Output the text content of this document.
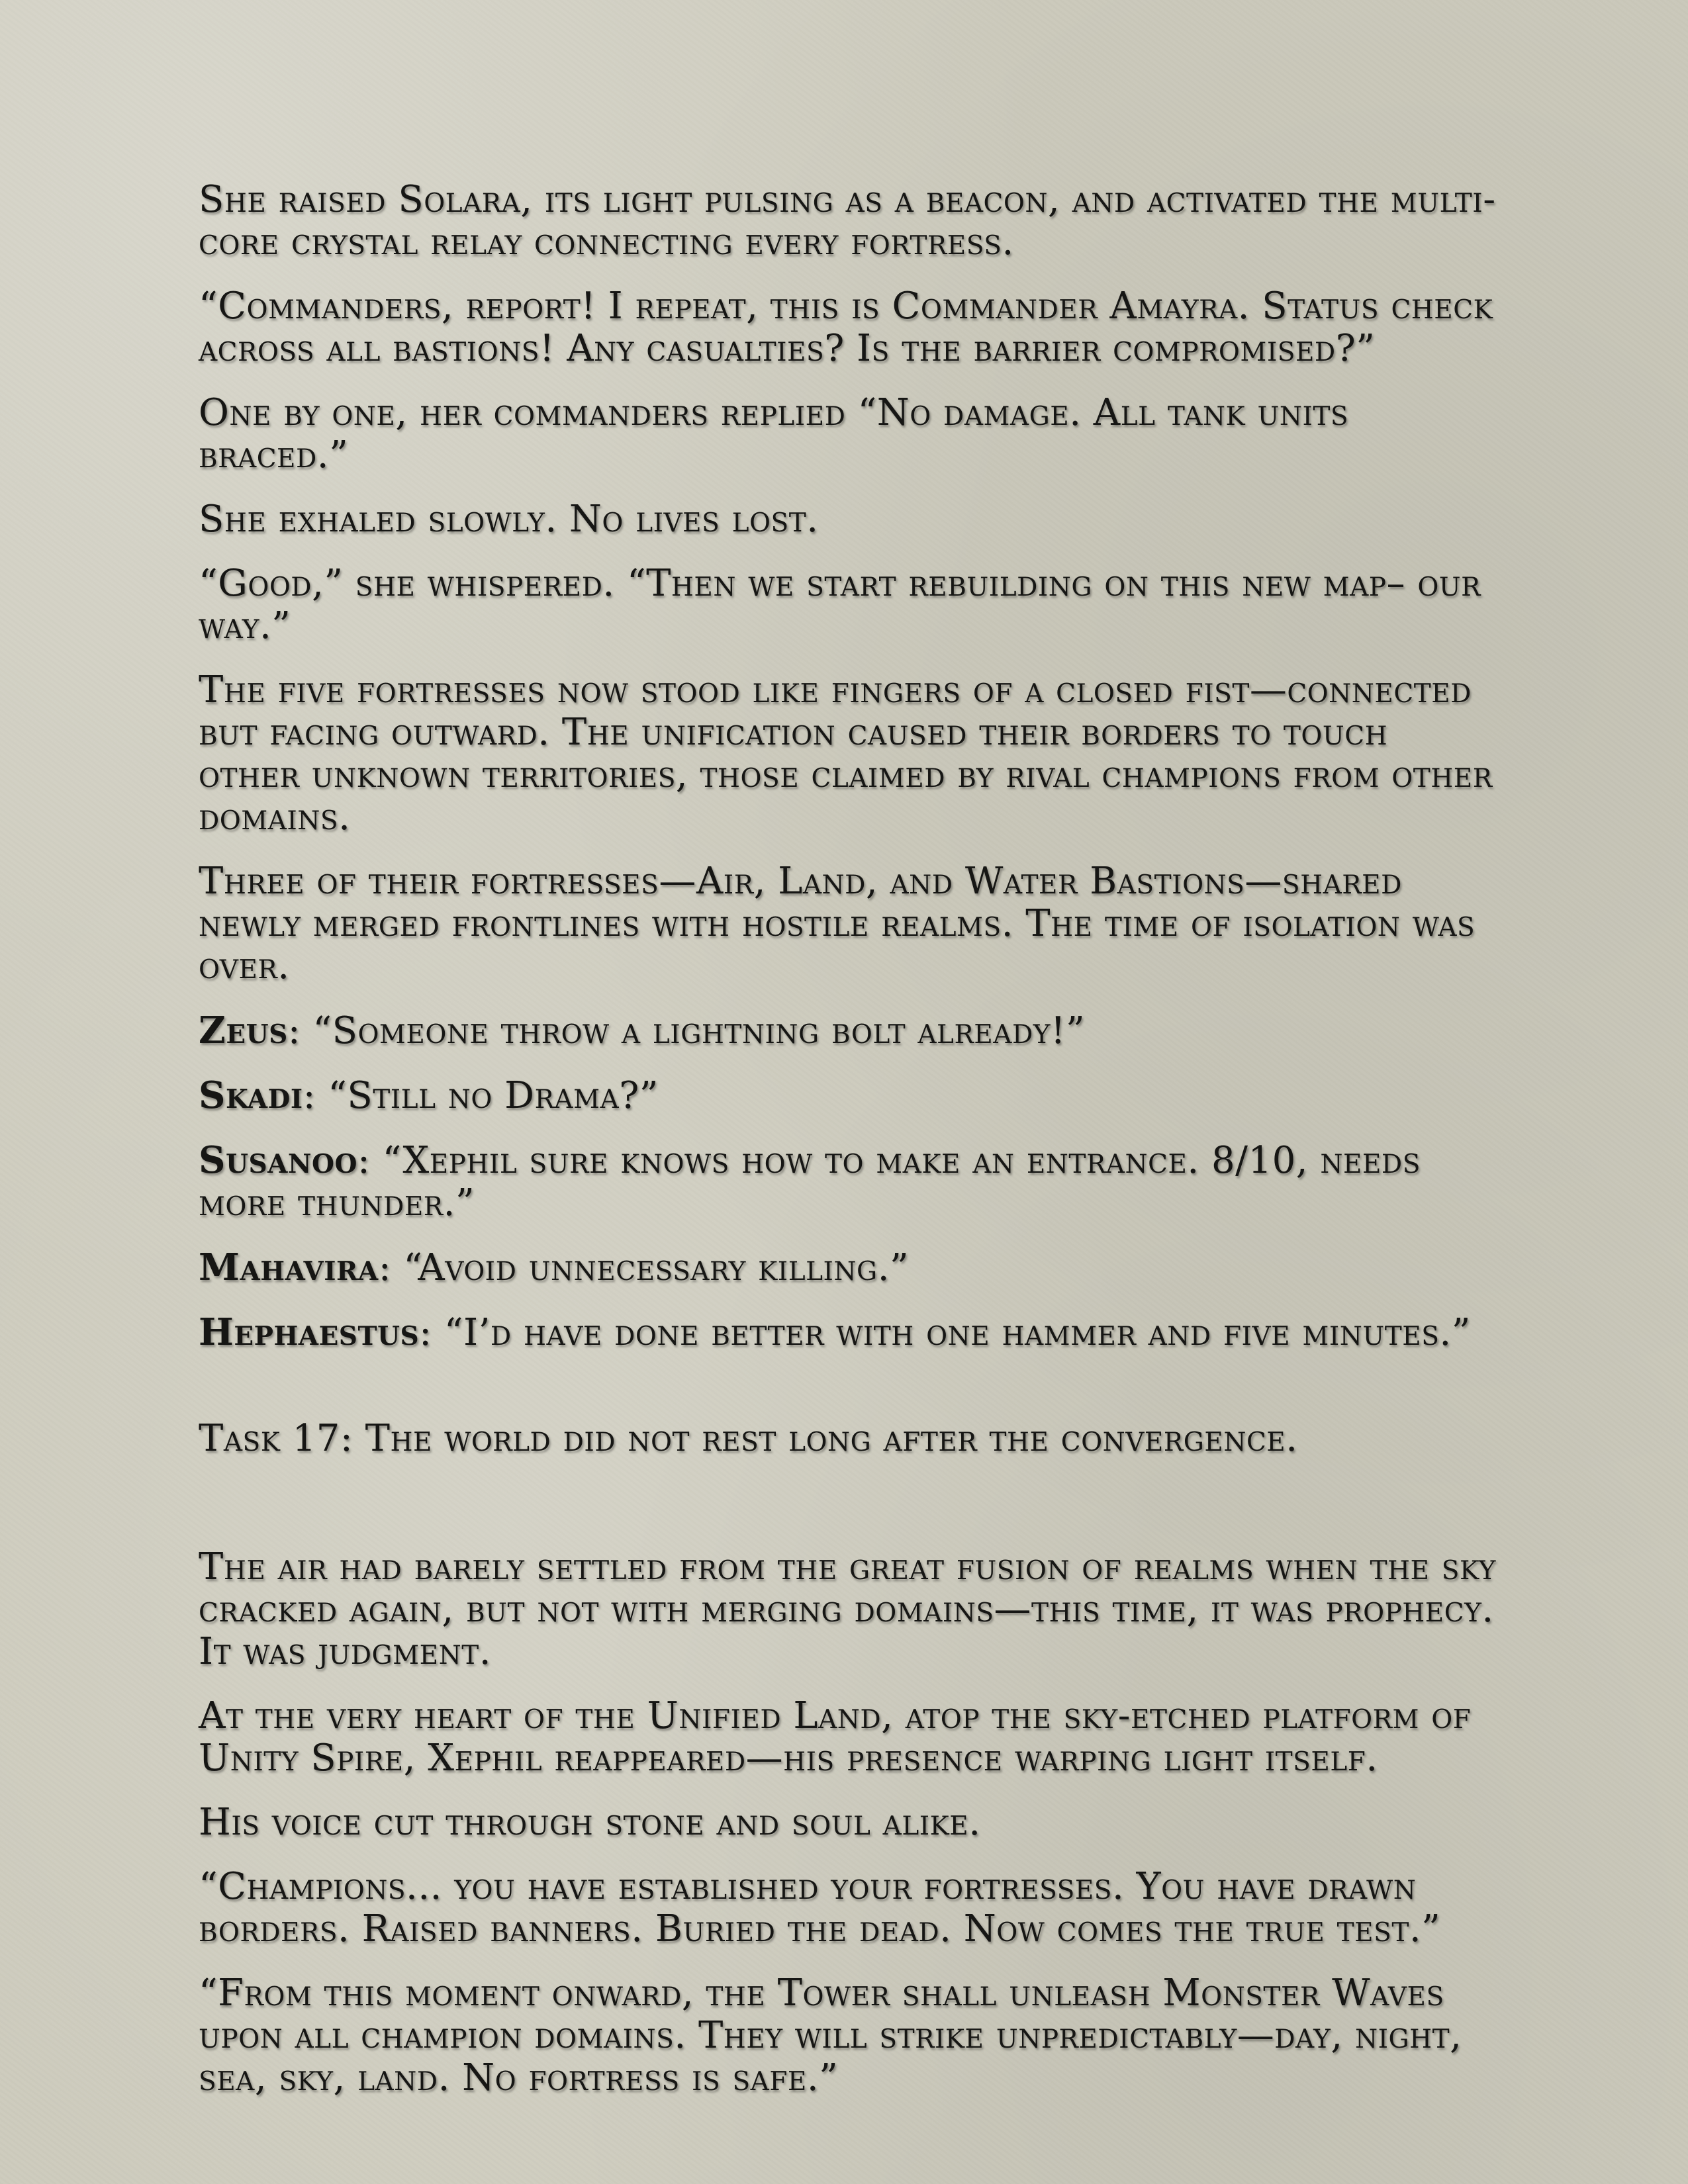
She raised Solara, its light pulsing as a beacon, and activated the multi-core crystal relay connecting every fortress.

“Commanders, report! I repeat, this is Commander Amayra. Status check across all bastions! Any casualties? Is the barrier compromised?”

One by one, her commanders replied “No damage. All tank units braced.”

She exhaled slowly. No lives lost.

“Good,” she whispered. “Then we start rebuilding on this new map– our way.”

The five fortresses now stood like fingers of a closed fist—connected but facing outward. The unification caused their borders to touch other unknown territories, those claimed by rival champions from other domains.

Three of their fortresses—Air, Land, and Water Bastions—shared newly merged frontlines with hostile realms. The time of isolation was over.

Zeus: “Someone throw a lightning bolt already!”

Skadi: “Still no Drama?”

Susanoo: “Xephil sure knows how to make an entrance. 8/10, needs more thunder.”

Mahavira: “Avoid unnecessary killing.”

Hephaestus: “I’d have done better with one hammer and five minutes.”

Task 17: The world did not rest long after the convergence.

The air had barely settled from the great fusion of realms when the sky cracked again, but not with merging domains—this time, it was prophecy. It was judgment.

At the very heart of the Unified Land, atop the sky-etched platform of Unity Spire, Xephil reappeared—his presence warping light itself.

His voice cut through stone and soul alike.

“Champions... you have established your fortresses. You have drawn borders. Raised banners. Buried the dead. Now comes the true test.”

“From this moment onward, the Tower shall unleash Monster Waves upon all champion domains. They will strike unpredictably—day, night, sea, sky, land. No fortress is safe.”
